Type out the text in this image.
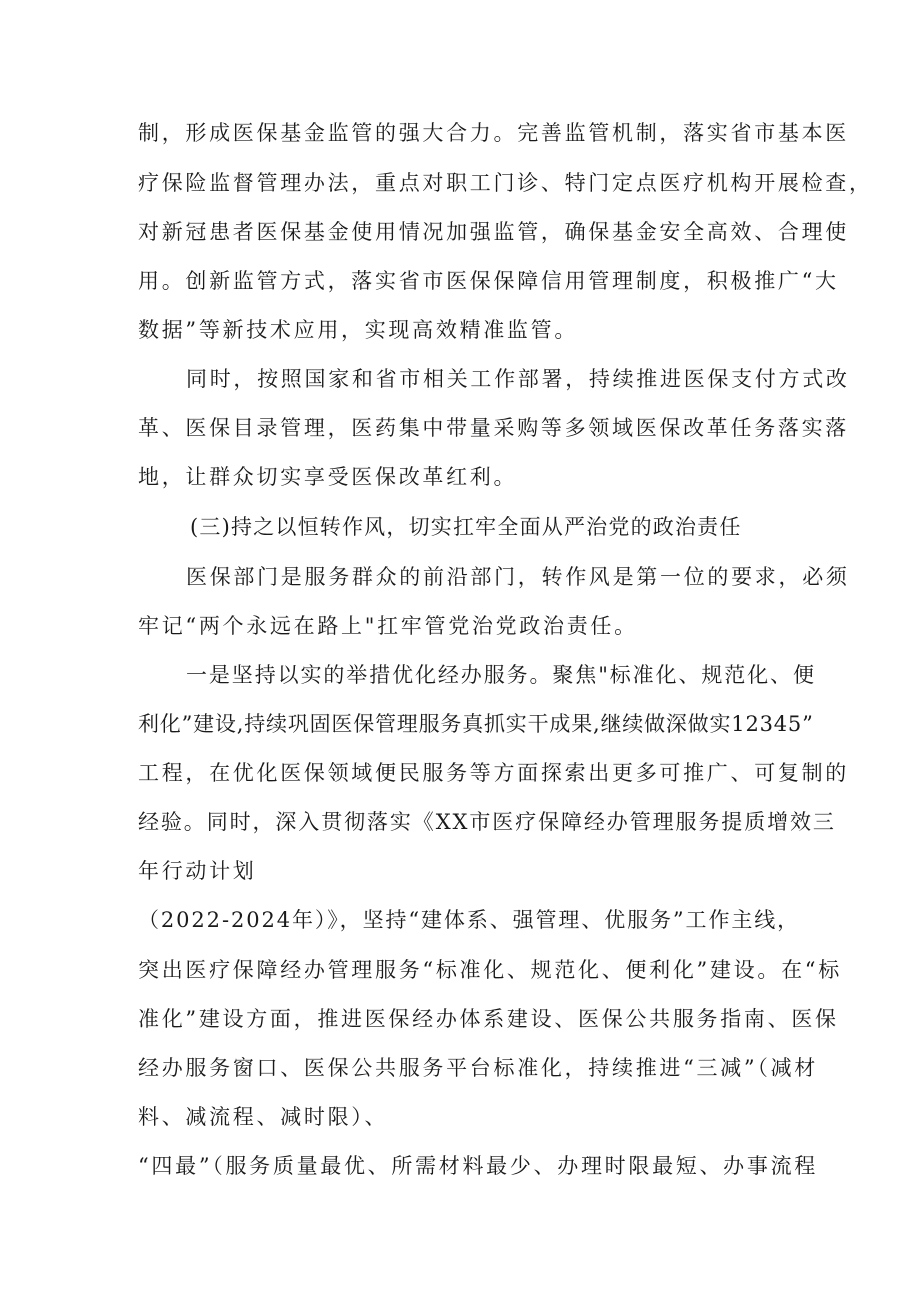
制，形成医保基金监管的强大合力。完善监管机制，落实省市基本医
疗保险监督管理办法，重点对职工门诊、特门定点医疗机构开展检查，
对新冠患者医保基金使用情况加强监管，确保基金安全高效、合理使
用。创新监管方式，落实省市医保保障信用管理制度，积极推广“大
数据”等新技术应用，实现高效精准监管。
同时，按照国家和省市相关工作部署，持续推进医保支付方式改
革、医保目录管理，医药集中带量采购等多领域医保改革任务落实落
地，让群众切实享受医保改革红利。
(三)持之以恒转作风，切实扛牢全面从严治党的政治责任
医保部门是服务群众的前沿部门，转作风是第一位的要求，必须
牢记“两个永远在路上"扛牢管党治党政治责任。
一是坚持以实的举措优化经办服务。聚焦"标准化、规范化、便
利化”建设,持续巩固医保管理服务真抓实干成果,继续做深做实12345”
工程，在优化医保领域便民服务等方面探索出更多可推广、可复制的
经验。同时，深入贯彻落实《XX市医疗保障经办管理服务提质增效三
年行动计划
（2022-2024年）》，坚持“建体系、强管理、优服务”工作主线，
突出医疗保障经办管理服务“标准化、规范化、便利化”建设。在“标
准化”建设方面，推进医保经办体系建设、医保公共服务指南、医保
经办服务窗口、医保公共服务平台标准化，持续推进“三减”（减材
料、减流程、减时限）、
“四最”（服务质量最优、所需材料最少、办理时限最短、办事流程
